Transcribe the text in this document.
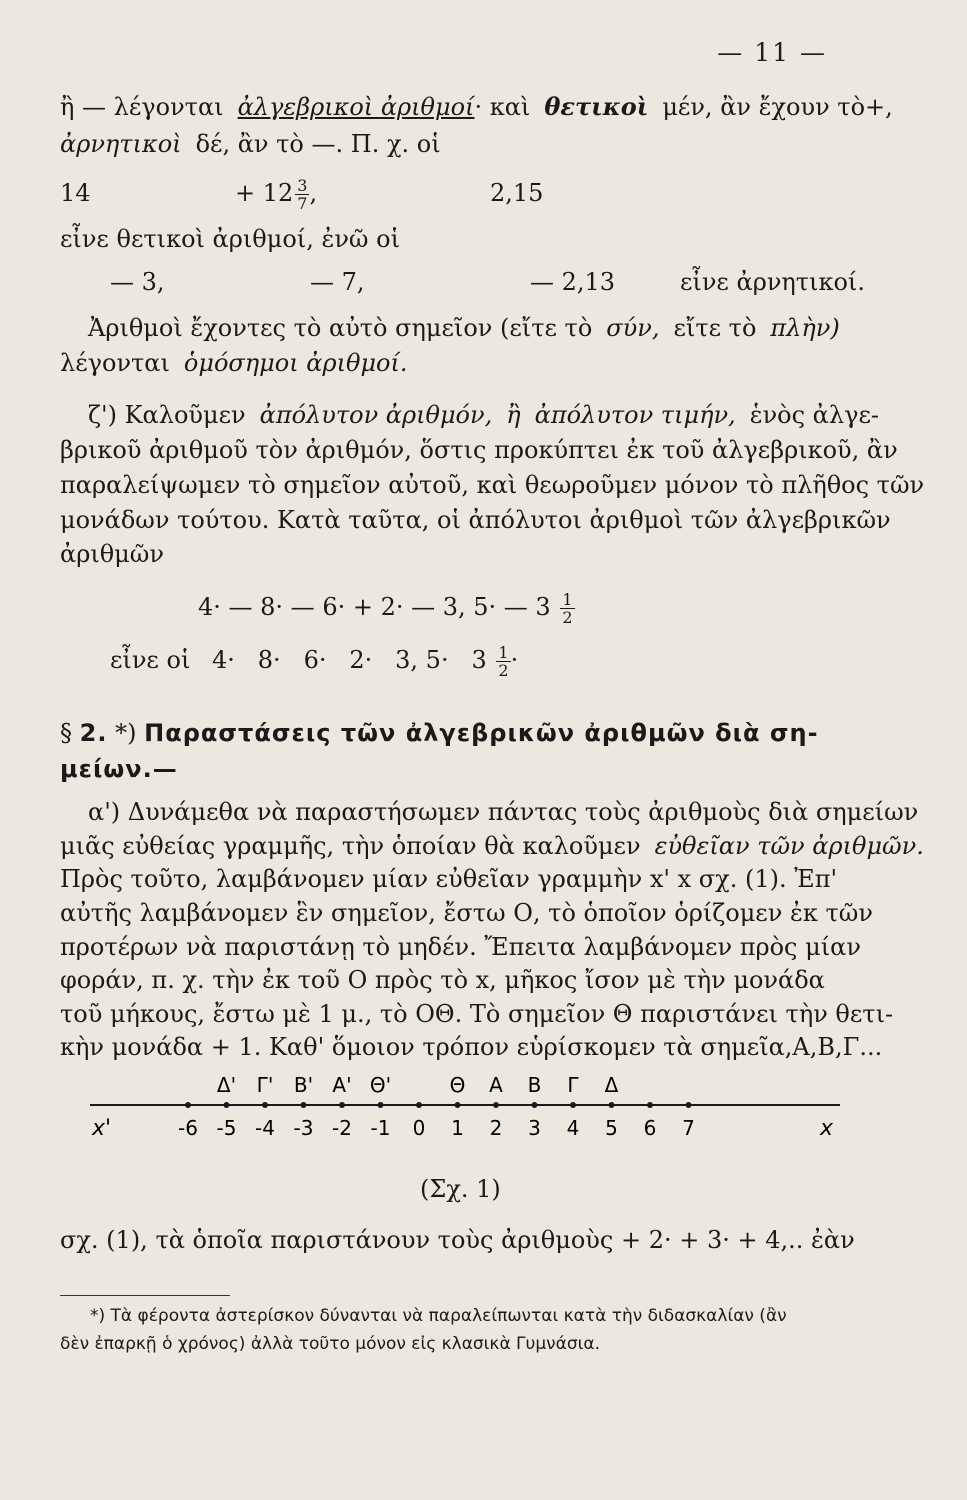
— 11 —
ἢ — λέγονται ἀλγεβρικοὶ ἀριθμοί · καὶ θετικοὶ μέν, ἂν ἔχουν τὸ+,
ἀρνητικοὶ δέ, ἂν τὸ —. Π. χ. οἱ
14	+ $12 \frac{3}{7}$ ,	2,15
εἶνε θετικοὶ ἀριθμοί, ἐνῶ οἱ
— 3,	— 7,	— 2,13	εἶνε ἀρνητικοί.
Ἀριθμοὶ ἔχοντες τὸ αὐτὸ σημεῖον (εἴτε τὸ σύν, εἴτε τὸ πλὴν)
λέγονται ὁμόσημοι ἀριθμοί.
ζ') Καλοῦμεν ἀπόλυτον ἀριθμόν, ἢ ἀπόλυτον τιμήν, ἑνὸς ἀλγε-
βρικοῦ ἀριθμοῦ τὸν ἀριθμόν, ὅστις προκύπτει ἐκ τοῦ ἀλγεβρικοῦ, ἂν
παραλείψωμεν τὸ σημεῖον αὐτοῦ, καὶ θεωροῦμεν μόνον τὸ πλῆθος τῶν
μονάδων τούτου. Κατὰ ταῦτα, οἱ ἀπόλυτοι ἀριθμοὶ τῶν ἀλγεβρικῶν
ἀριθμῶν
4· — 8· — 6· + 2· — 3, 5· — $3 \frac{1}{2}$
εἶνε οἱ 4·   8·   6·   2·   3, $5\cdot 3 \frac{1}{2}$ ·
§ 2. *) Παραστάσεις τῶν ἀλγεβρικῶν ἀριθμῶν διὰ ση-
μείων.—
α') Δυνάμεθα νὰ παραστήσωμεν πάντας τοὺς ἀριθμοὺς διὰ σημείων
μιᾶς εὐθείας γραμμῆς, τὴν ὁποίαν θὰ καλοῦμεν εὐθεῖαν τῶν ἀριθμῶν.
Πρὸς τοῦτο, λαμβάνομεν μίαν εὐθεῖαν γραμμὴν x' x σχ. (1). Ἐπ'
αὐτῆς λαμβάνομεν ἓν σημεῖον, ἔστω Ο, τὸ ὁποῖον ὁρίζομεν ἐκ τῶν
προτέρων νὰ παριστάνῃ τὸ μηδέν. Ἔπειτα λαμβάνομεν πρὸς μίαν
φοράν, π. χ. τὴν ἐκ τοῦ Ο πρὸς τὸ x, μῆκος ἴσον μὲ τὴν μονάδα
τοῦ μήκους, ἔστω μὲ 1 μ., τὸ ΟΘ. Τὸ σημεῖον Θ παριστάνει τὴν θετι-
κὴν μονάδα + 1. Καθ' ὅμοιον τρόπον εὑρίσκομεν τὰ σημεῖα,Α,Β,Γ...
Δ' Γ' Β' Α' Θ'	Θ Α Β Γ Δ
-6 -5 -4 -3 -2 -1 0 1 2 3 4 5 6 7
x'	x
(Σχ. 1)
σχ. (1), τὰ ὁποῖα παριστάνουν τοὺς ἀριθμοὺς + 2· + 3· + 4,.. ἐὰν
*) Τὰ φέροντα ἀστερίσκον δύνανται νὰ παραλείπωνται κατὰ τὴν διδασκαλίαν (ἂν
δὲν ἐπαρκῇ ὁ χρόνος) ἀλλὰ τοῦτο μόνον εἰς κλασικὰ Γυμνάσια.
